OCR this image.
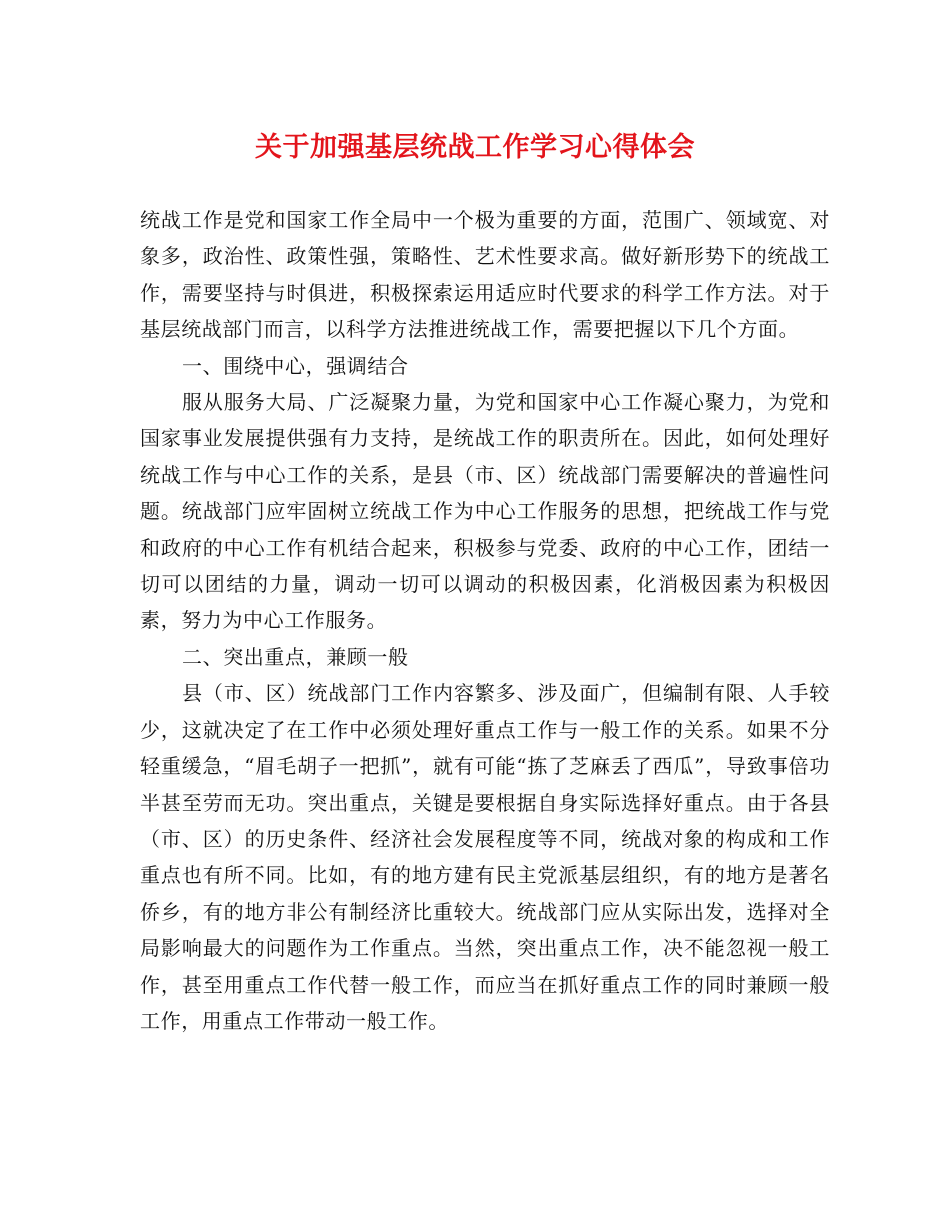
关于加强基层统战工作学习心得体会

统战工作是党和国家工作全局中一个极为重要的方面，范围广、领域宽、对象多，政治性、政策性强，策略性、艺术性要求高。做好新形势下的统战工作，需要坚持与时俱进，积极探索运用适应时代要求的科学工作方法。对于基层统战部门而言，以科学方法推进统战工作，需要把握以下几个方面。

一、围绕中心，强调结合

服从服务大局、广泛凝聚力量，为党和国家中心工作凝心聚力，为党和国家事业发展提供强有力支持，是统战工作的职责所在。因此，如何处理好统战工作与中心工作的关系，是县（市、区）统战部门需要解决的普遍性问题。统战部门应牢固树立统战工作为中心工作服务的思想，把统战工作与党和政府的中心工作有机结合起来，积极参与党委、政府的中心工作，团结一切可以团结的力量，调动一切可以调动的积极因素，化消极因素为积极因素，努力为中心工作服务。

二、突出重点，兼顾一般

县（市、区）统战部门工作内容繁多、涉及面广，但编制有限、人手较少，这就决定了在工作中必须处理好重点工作与一般工作的关系。如果不分轻重缓急，“眉毛胡子一把抓”，就有可能“拣了芝麻丢了西瓜”，导致事倍功半甚至劳而无功。突出重点，关键是要根据自身实际选择好重点。由于各县（市、区）的历史条件、经济社会发展程度等不同，统战对象的构成和工作重点也有所不同。比如，有的地方建有民主党派基层组织，有的地方是著名侨乡，有的地方非公有制经济比重较大。统战部门应从实际出发，选择对全局影响最大的问题作为工作重点。当然，突出重点工作，决不能忽视一般工作，甚至用重点工作代替一般工作，而应当在抓好重点工作的同时兼顾一般工作，用重点工作带动一般工作。
